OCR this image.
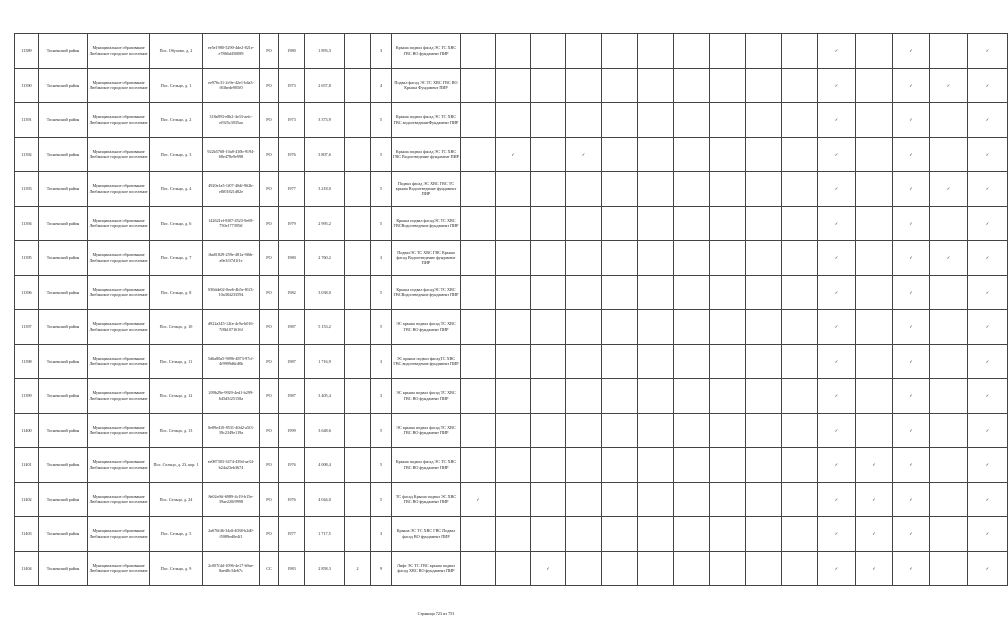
11389	Тосненский район	Муниципальное образование Любанское городское поселение	Пос. Обуховo, д. 2	ee5e1980-5290-4de2-821e-e7866d450089	РО	1980	1 893,3		3	Крыша подвал фасад ЭС ТС ХВС ГВС ВО фундамент ПИР											✓		✓		✓
11390	Тосненский район	Муниципальное образование Любанское городское поселение	Пос. Сельцо, д. 1	ee976c31-2c9e-42e1-b4a3-f63bede905f0	РО	1973	2 657,8		4	Подвал фасад ЭС ТС ХВС ГВС ВО Крыша Фундамент ПИР											✓		✓	✓	✓
11391	Тосненский район	Муниципальное образование Любанское городское поселение	Пос. Сельцо, д. 2	318a893-e8b2-4e33-aefc-ef925c3035aa	РО	1973	3 373,9		5	Крыша подвал фасад ЭС ТС ХВС ГВС водоотведениеФундамент ПИР											✓		✓		✓
11392	Тосненский район	Муниципальное образование Любанское городское поселение	Пос. Сельцо, д. 3	922b5768-10a8-410b-9194-68e478e9e998	РО	1976	3 807,6		5	Крыша подвал фасад ЭС ТС ХВС ГВС Водоотведение фундамент ПИР		✓		✓							✓		✓		✓
11393	Тосненский район	Муниципальное образование Любанское городское поселение	Пос. Сельцо, д. 4	4920e1a5-1f07-40df-962b-e8f01821d82e	РО	1977	3 218,0		5	Подвал фасад ЭС ХВС ГВС ТС крыша Водоотведение фундамент ПИР											✓		✓	✓	✓
11394	Тосненский район	Муниципальное образование Любанское городское поселение	Пос. Сельцо, д. 6	142621ef-8f07-4523-9e69-750e177395ff	РО	1979	2 995,2		5	Крыша подвал фасадЭС ТС ХВС ГВСВодоотведение фундамент ПИР											✓		✓		✓
11395	Тосненский район	Муниципальное образование Любанское городское поселение	Пос. Сельцо, д. 7	fba81829-259e-481a-9f6b-a9e3f37d1f1e	РО	1980	2 760,2		3	ПодвалЭС ТС ХВС ГВС Крыша фасад Водоотведение фундамент ПИР											✓		✓	✓	✓
11396	Тосненский район	Муниципальное образование Любанское городское поселение	Пос. Сельцо, д. 8	030dde02-0ee6-4b5e-81f3-10a384233594	РО	1982	3 038,0		5	Крыша подвал фасадЭС ТС ХВС ГВСВодоотведение фундамент ПИР											✓		✓		✓
11397	Тосненский район	Муниципальное образование Любанское городское поселение	Пос. Сельцо, д. 10	d922a345-12fa-4c9a-b016-7f8b1071616f	РО	1987	5 153,2		5	ЭС крыша подвал фасад ТС ХВС ГВС ВО фундамент ПИР											✓		✓		✓
11398	Тосненский район	Муниципальное образование Любанское городское поселение	Пос. Сельцо, д. 11	5d6a80a5-9096-4873-97cf-4f9999d6fd8b	РО	1987	1 716,9		3	ЭС крыша подвал фасадТС ХВС ГВС водоотведение фундамент ПИР											✓		✓		✓
11399	Тосненский район	Муниципальное образование Любанское городское поселение	Пос. Сельцо, д. 12	209b29e-9929-4ed1-b299-645d5f25158a	РО	1987	3 405,4		3	ЭС крыша подвал фасад ТС ХВС ГВС ВО фундамент ПИР											✓		✓		✓
11400	Тосненский район	Муниципальное образование Любанское городское поселение	Пос. Сельцо, д. 13	0e89e410-8531-40d2-a5f3-39c2349e119a	РО	1999	3 648,6		5	ЭС крыша подвал фасад ТС ХВС ГВС ВО фундамент ПИР											✓		✓		✓
11401	Тосненский район	Муниципальное образование Любанское городское поселение	Пос. Сельцо, д. 23, кор. 1	ee087303-3474-439d-ae34-b24a23eb3674	РО	1976	4 008,4		5	Крыша подвал фасад ЭС ТС ХВС ГВС ВО фундамент ПИР											✓	✓	✓		✓
11402	Тосненский район	Муниципальное образование Любанское городское поселение	Пос. Сельцо, д. 24	8e02ef6f-6989-4c19-b15e-39ae220f9998	РО	1976	4 044,0		5	ТС фасад Крыша подвал ЭС ХВС ГВС ВО фундамент ПИР	✓										✓	✓	✓		✓
11403	Тосненский район	Муниципальное образование Любанское городское поселение	Пос. Сельцо, д. 5	2a676f46-34df-4038-b2d0-f5989ed0e4f1	РО	1977	1 717,5		3	Крыша ЭС ТС ХВС ГВС Подвал фасад ВО фундамент ПИР											✓	✓	✓		✓
11404	Тосненский район	Муниципальное образование Любанское городское поселение	Пос. Сельцо, д. 9	2c007f4d-1096-4e17-b9ae-8aed8c34e67c	СС	1983	2 858,3	2	9	Лифт ЭС ТС ГВС крыша подвал фасад ХВС ВО фундамент ПИР			✓								✓	✓	✓		✓
Страница 723 из 753
